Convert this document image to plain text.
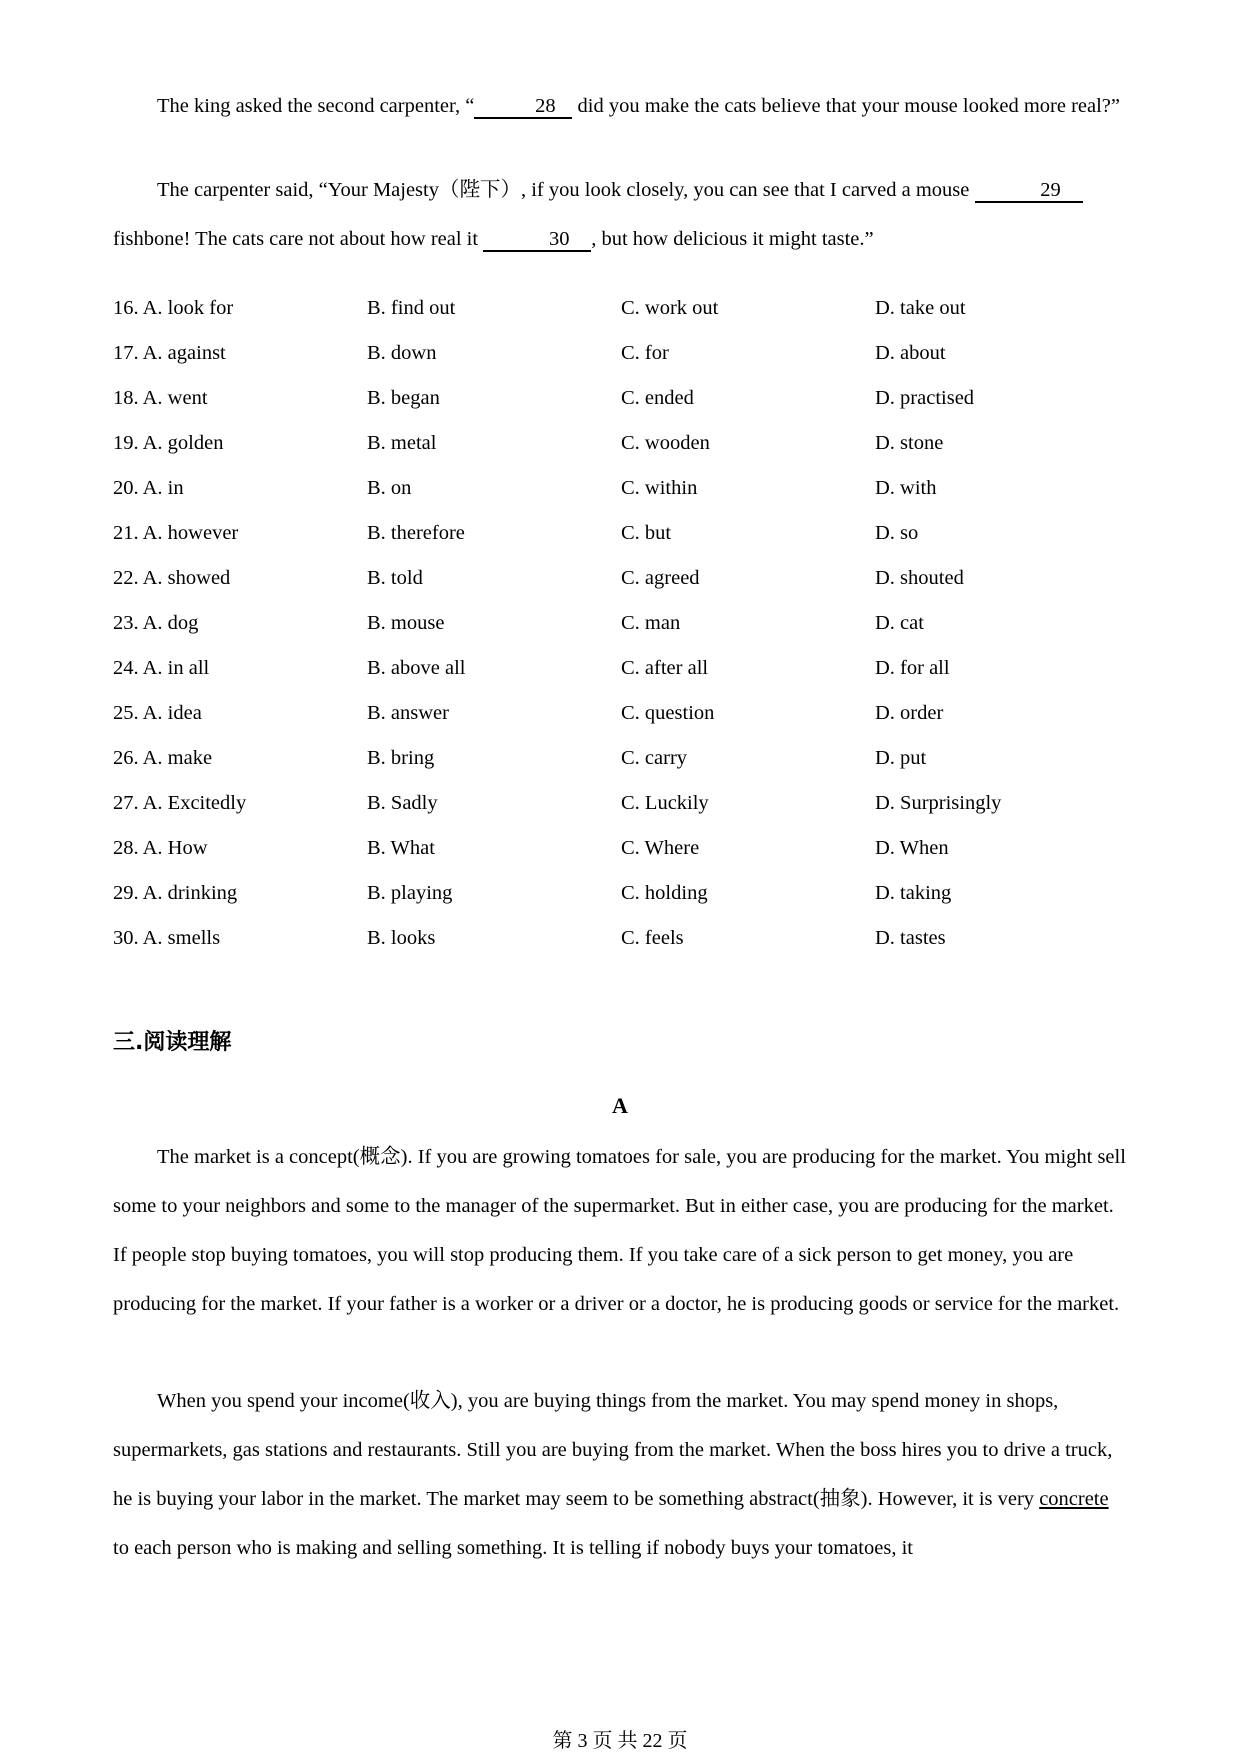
The king asked the second carpenter, “	28 did you make the cats believe that your mouse looked more real?”

The carpenter said, “Your Majesty（陛下）, if you look closely, you can see that I carved a mouse	29 fishbone! The cats care not about how real it	30 , but how delicious it might taste.”

16. A. look for	B. find out	C. work out	D. take out
17. A. against	B. down	C. for	D. about
18. A. went	B. began	C. ended	D. practised
19. A. golden	B. metal	C. wooden	D. stone
20. A. in	B. on	C. within	D. with
21. A. however	B. therefore	C. but	D. so
22. A. showed	B. told	C. agreed	D. shouted
23. A. dog	B. mouse	C. man	D. cat
24. A. in all	B. above all	C. after all	D. for all
25. A. idea	B. answer	C. question	D. order
26. A. make	B. bring	C. carry	D. put
27. A. Excitedly	B. Sadly	C. Luckily	D. Surprisingly
28. A. How	B. What	C. Where	D. When
29. A. drinking	B. playing	C. holding	D. taking
30. A. smells	B. looks	C. feels	D. tastes
三.阅读理解
A

The market is a concept(概念). If you are growing tomatoes for sale, you are producing for the market. You might sell some to your neighbors and some to the manager of the supermarket. But in either case, you are producing for the market. If people stop buying tomatoes, you will stop producing them. If you take care of a sick person to get money, you are producing for the market. If your father is a worker or a driver or a doctor, he is producing goods or service for the market.

When you spend your income(收入), you are buying things from the market. You may spend money in shops, supermarkets, gas stations and restaurants. Still you are buying from the market. When the boss hires you to drive a truck, he is buying your labor in the market. The market may seem to be something abstract(抽象). However, it is very concrete to each person who is making and selling something. It is telling if nobody buys your tomatoes, it

第 3 页 共 22 页
